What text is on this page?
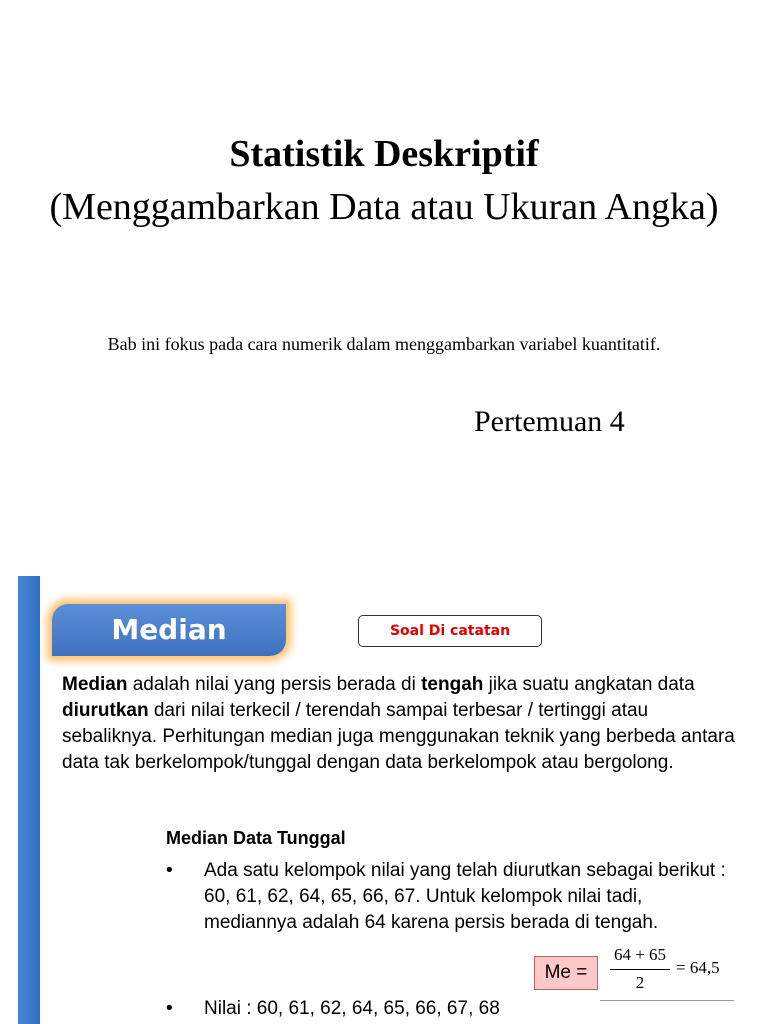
Statistik Deskriptif
(Menggambarkan Data atau Ukuran Angka)
Bab ini fokus pada cara numerik dalam menggambarkan variabel kuantitatif.
Pertemuan 4
Median	Soal Di catatan
Median adalah nilai yang persis berada di tengah jika suatu angkatan data diurutkan dari nilai terkecil / terendah sampai terbesar / tertinggi atau sebaliknya. Perhitungan median juga menggunakan teknik yang berbeda antara data tak berkelompok/tunggal dengan data berkelompok atau bergolong.
Median Data Tunggal
•	Ada satu kelompok nilai yang telah diurutkan sebagai berikut : 60, 61, 62, 64, 65, 66, 67. Untuk kelompok nilai tadi, mediannya adalah 64 karena persis berada di tengah.
Me =
64 + 65
2
= 64,5
•	Nilai : 60, 61, 62, 64, 65, 66, 67, 68
